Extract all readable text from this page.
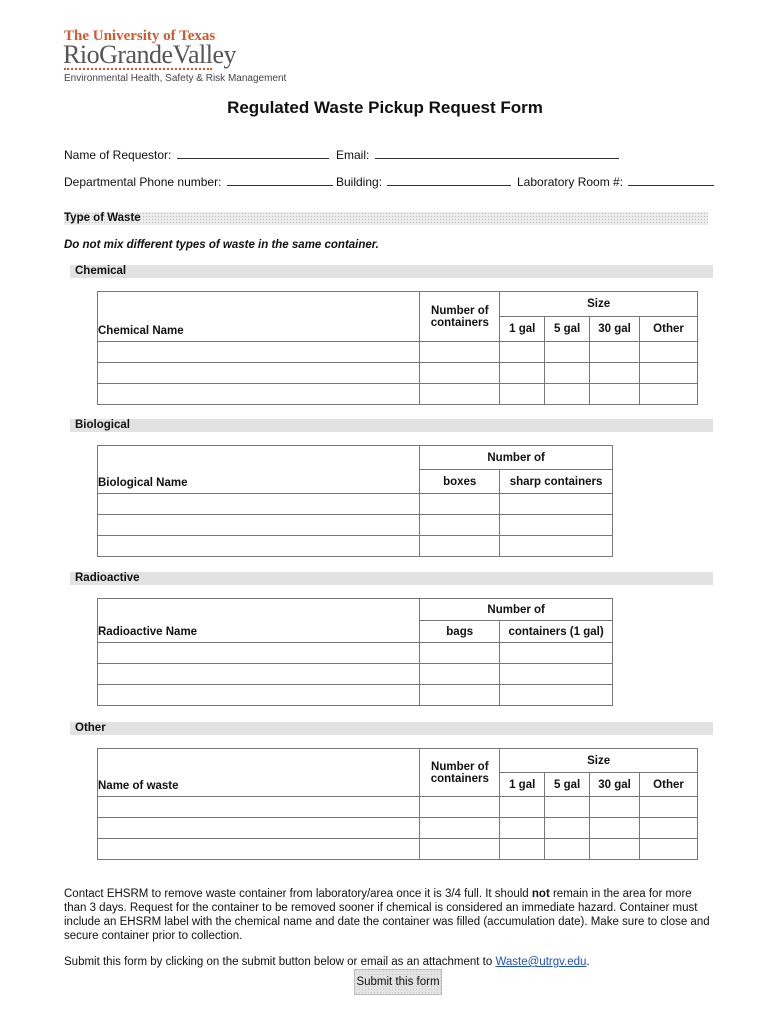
The University of Texas
RioGrandeValley
Environmental Health, Safety & Risk Management
Regulated Waste Pickup Request Form
Name of Requestor:	Email:
Departmental Phone number:	Building:	Laboratory Room #:
Type of Waste
Do not mix different types of waste in the same container.
Chemical
Chemical Name	Number of containers	Size			
		1 gal	5 gal	30 gal	Other

Biological
Biological Name	Number of	
	boxes	sharp containers

Radioactive
Radioactive Name	Number of	
	bags	containers (1 gal)

Other
Name of waste	Number of containers	Size			
		1 gal	5 gal	30 gal	Other

Contact EHSRM to remove waste container from laboratory/area once it is 3/4 full. It should not remain in the area for more than 3 days. Request for the container to be removed sooner if chemical is considered an immediate hazard. Container must include an EHSRM label with the chemical name and date the container was filled (accumulation date). Make sure to close and secure container prior to collection.
Submit this form by clicking on the submit button below or email as an attachment to Waste@utrgv.edu.
Submit this form
